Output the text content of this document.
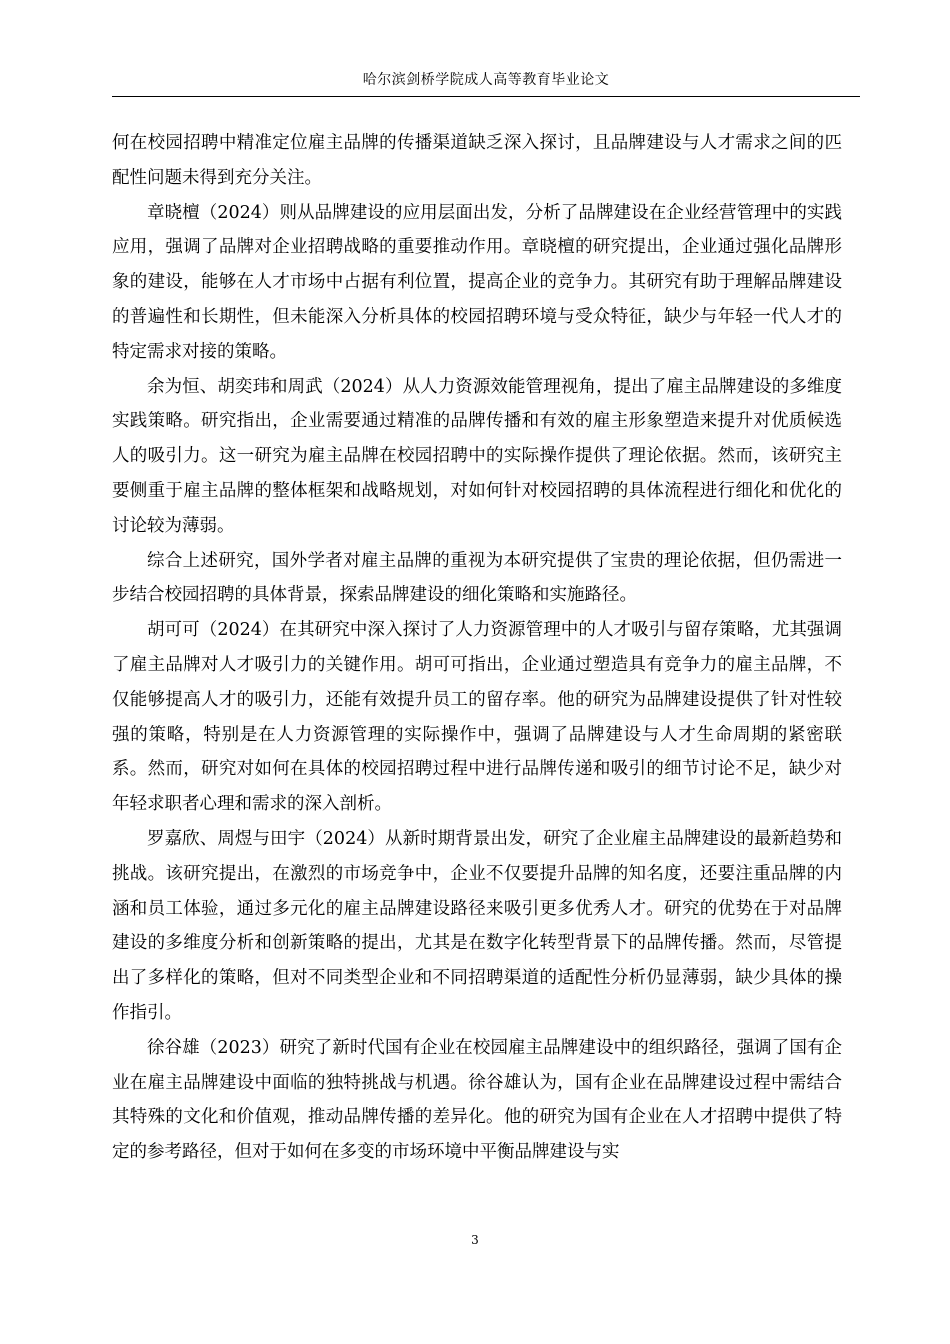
哈尔滨剑桥学院成人高等教育毕业论文

何在校园招聘中精准定位雇主品牌的传播渠道缺乏深入探讨，且品牌建设与人才需求之间的匹配性问题未得到充分关注。

章晓檀（2024）则从品牌建设的应用层面出发，分析了品牌建设在企业经营管理中的实践应用，强调了品牌对企业招聘战略的重要推动作用。章晓檀的研究提出，企业通过强化品牌形象的建设，能够在人才市场中占据有利位置，提高企业的竞争力。其研究有助于理解品牌建设的普遍性和长期性，但未能深入分析具体的校园招聘环境与受众特征，缺少与年轻一代人才的特定需求对接的策略。

余为恒、胡奕玮和周武（2024）从人力资源效能管理视角，提出了雇主品牌建设的多维度实践策略。研究指出，企业需要通过精准的品牌传播和有效的雇主形象塑造来提升对优质候选人的吸引力。这一研究为雇主品牌在校园招聘中的实际操作提供了理论依据。然而，该研究主要侧重于雇主品牌的整体框架和战略规划，对如何针对校园招聘的具体流程进行细化和优化的讨论较为薄弱。

综合上述研究，国外学者对雇主品牌的重视为本研究提供了宝贵的理论依据，但仍需进一步结合校园招聘的具体背景，探索品牌建设的细化策略和实施路径。

胡可可（2024）在其研究中深入探讨了人力资源管理中的人才吸引与留存策略，尤其强调了雇主品牌对人才吸引力的关键作用。胡可可指出，企业通过塑造具有竞争力的雇主品牌，不仅能够提高人才的吸引力，还能有效提升员工的留存率。他的研究为品牌建设提供了针对性较强的策略，特别是在人力资源管理的实际操作中，强调了品牌建设与人才生命周期的紧密联系。然而，研究对如何在具体的校园招聘过程中进行品牌传递和吸引的细节讨论不足，缺少对年轻求职者心理和需求的深入剖析。

罗嘉欣、周煜与田宇（2024）从新时期背景出发，研究了企业雇主品牌建设的最新趋势和挑战。该研究提出，在激烈的市场竞争中，企业不仅要提升品牌的知名度，还要注重品牌的内涵和员工体验，通过多元化的雇主品牌建设路径来吸引更多优秀人才。研究的优势在于对品牌建设的多维度分析和创新策略的提出，尤其是在数字化转型背景下的品牌传播。然而，尽管提出了多样化的策略，但对不同类型企业和不同招聘渠道的适配性分析仍显薄弱，缺少具体的操作指引。

徐谷雄（2023）研究了新时代国有企业在校园雇主品牌建设中的组织路径，强调了国有企业在雇主品牌建设中面临的独特挑战与机遇。徐谷雄认为，国有企业在品牌建设过程中需结合其特殊的文化和价值观，推动品牌传播的差异化。他的研究为国有企业在人才招聘中提供了特定的参考路径，但对于如何在多变的市场环境中平衡品牌建设与实

3
